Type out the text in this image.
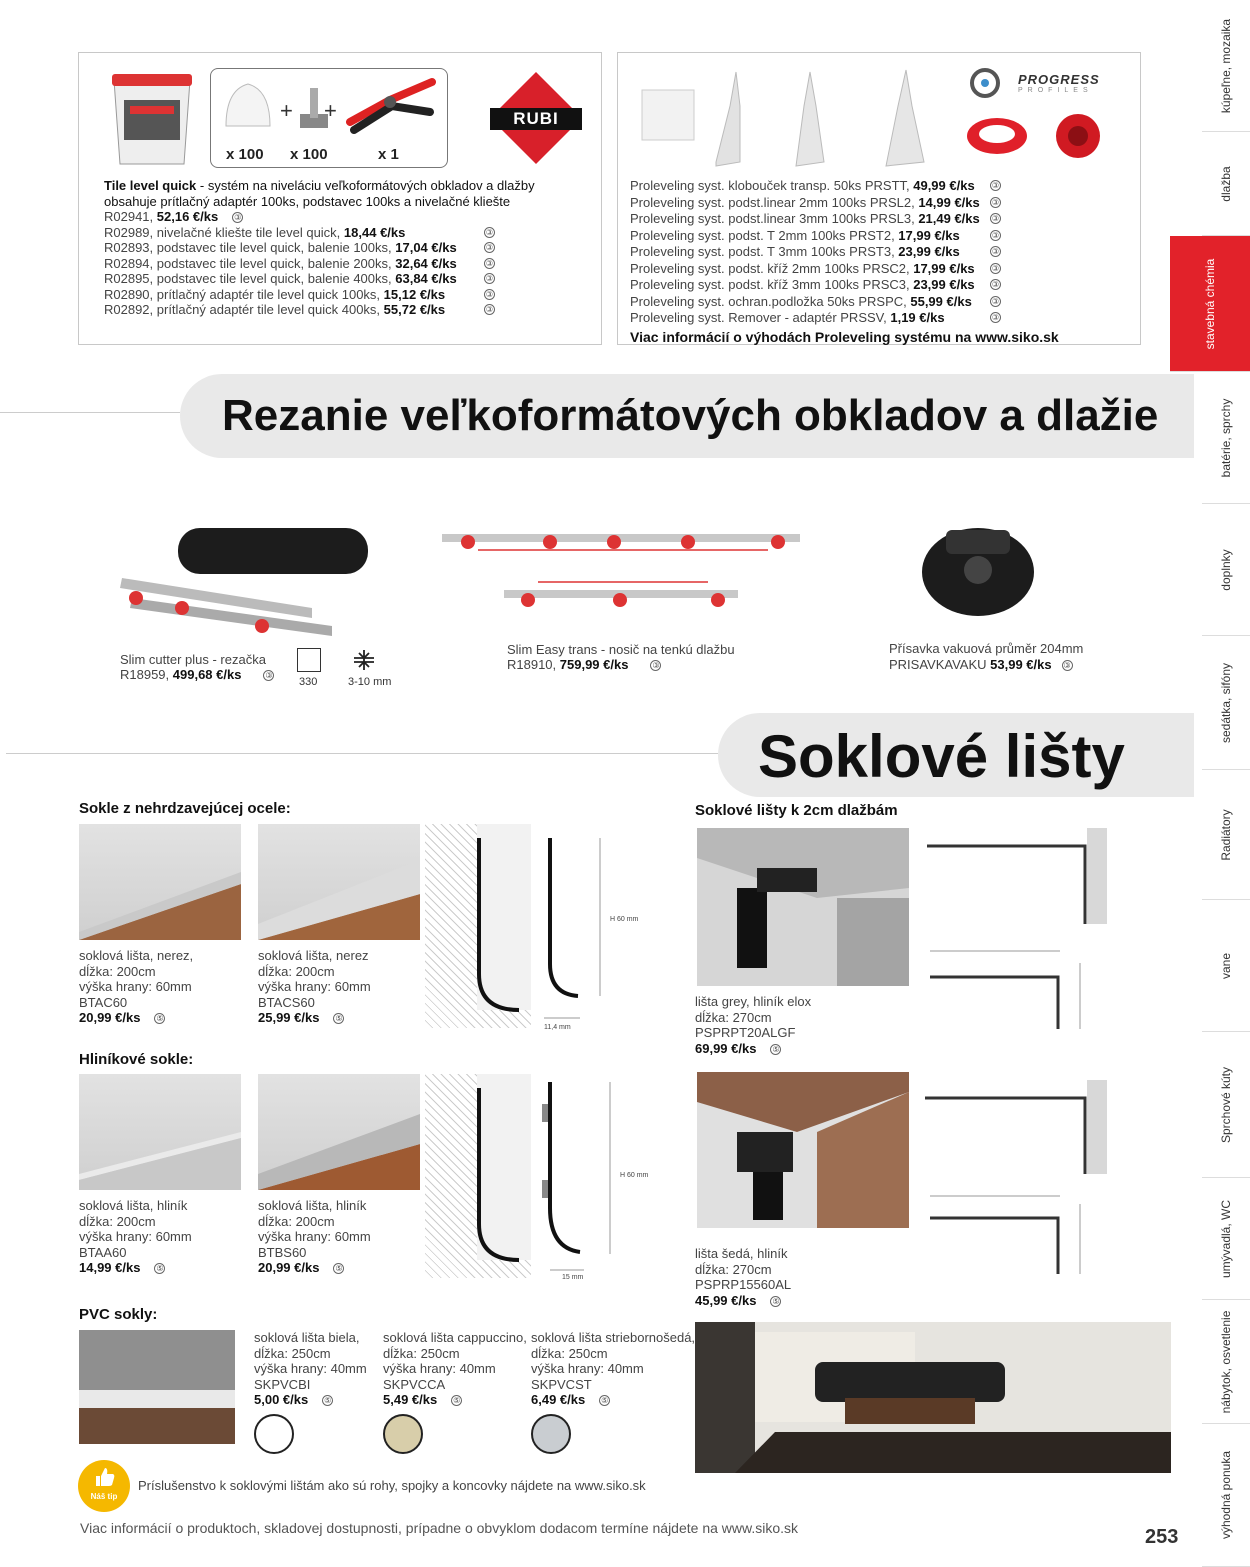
+ +
x 100 x 100	x 1
RUBI
Tile level quick - systém na niveláciu veľkoformátových obkladov a dlažby
obsahuje prítlačný adaptér 100ks, podstavec 100ks a nivelačné kliešte
R02941, 52,16 €/ks ③
R02989, nivelačné kliešte tile level quick, 18,44 €/ks	③
R02893, podstavec tile level quick, balenie 100ks, 17,04 €/ks	③
R02894, podstavec tile level quick, balenie 200ks, 32,64 €/ks	③
R02895, podstavec tile level quick, balenie 400ks, 63,84 €/ks	③
R02890, prítlačný adaptér tile level quick 100ks, 15,12 €/ks	③
R02892, prítlačný adaptér tile level quick 400ks, 55,72 €/ks	③
PROGRESS
PROFILES
Proleveling syst. klobouček transp. 50ks PRSTT, 49,99 €/ks ③
Proleveling syst. podst.linear 2mm 100ks PRSL2, 14,99 €/ks ③
Proleveling syst. podst.linear 3mm 100ks PRSL3, 21,49 €/ks ③
Proleveling syst. podst. T 2mm 100ks PRST2, 17,99 €/ks	③
Proleveling syst. podst. T 3mm 100ks PRST3, 23,99 €/ks	③
Proleveling syst. podst. kříž 2mm 100ks PRSC2, 17,99 €/ks ③
Proleveling syst. podst. kříž 3mm 100ks PRSC3, 23,99 €/ks ③
Proleveling syst. ochran.podložka 50ks PRSPC, 55,99 €/ks	③
Proleveling syst. Remover - adaptér PRSSV, 1,19 €/ks	③
Viac informácií o výhodách Proleveling systému na www.siko.sk
Rezanie veľkoformátových obkladov a dlažie
Slim cutter plus - rezačka
R18959, 499,68 €/ks	③
330	3-10 mm
Slim Easy trans - nosič na tenkú dlažbu
R18910, 759,99 €/ks	③
Přísavka vakuová průměr 204mm
PRISAVKAVAKU 53,99 €/ks ③
Soklové lišty
Sokle z nehrdzavejúcej ocele:
H 60 mm
11,4 mm
soklová lišta, nerez,
dĺžka: 200cm
výška hrany: 60mm
BTAC60
20,99 €/ks ⑤
soklová lišta, nerez
dĺžka: 200cm
výška hrany: 60mm
BTACS60
25,99 €/ks ⑤
Hliníkové sokle:
H 60 mm
15 mm
soklová lišta, hliník
dĺžka: 200cm
výška hrany: 60mm
BTAA60
14,99 €/ks ⑤
soklová lišta, hliník
dĺžka: 200cm
výška hrany: 60mm
BTBS60
20,99 €/ks ⑤
Soklové lišty k 2cm dlažbám
lišta grey, hliník elox
dĺžka: 270cm
PSPRPT20ALGF
69,99 €/ks ⑤
lišta šedá, hliník
dĺžka: 270cm
PSPRP15560AL
45,99 €/ks ⑤
PVC sokly:
soklová lišta biela,
dĺžka: 250cm
výška hrany: 40mm
SKPVCBI
5,00 €/ks ⑤
soklová lišta cappuccino,
dĺžka: 250cm
výška hrany: 40mm
SKPVCCA
5,49 €/ks ⑤
soklová lišta striebornošedá,
dĺžka: 250cm
výška hrany: 40mm
SKPVCST
6,49 €/ks ⑤
Náš tip
Príslušenstvo k soklovými lištám ako sú rohy, spojky a koncovky nájdete na www.siko.sk
Viac informácií o produktoch, skladovej dostupnosti, prípadne o obvyklom dodacom termíne nájdete na www.siko.sk	253
kúpeľne, mozaika
dlažba
stavebná chémia
batérie, sprchy
doplnky
sedátka, sifóny
Radiátory
vane
Sprchové kúty
umývadlá, WC
nábytok, osvetlenie
výhodná ponuka
